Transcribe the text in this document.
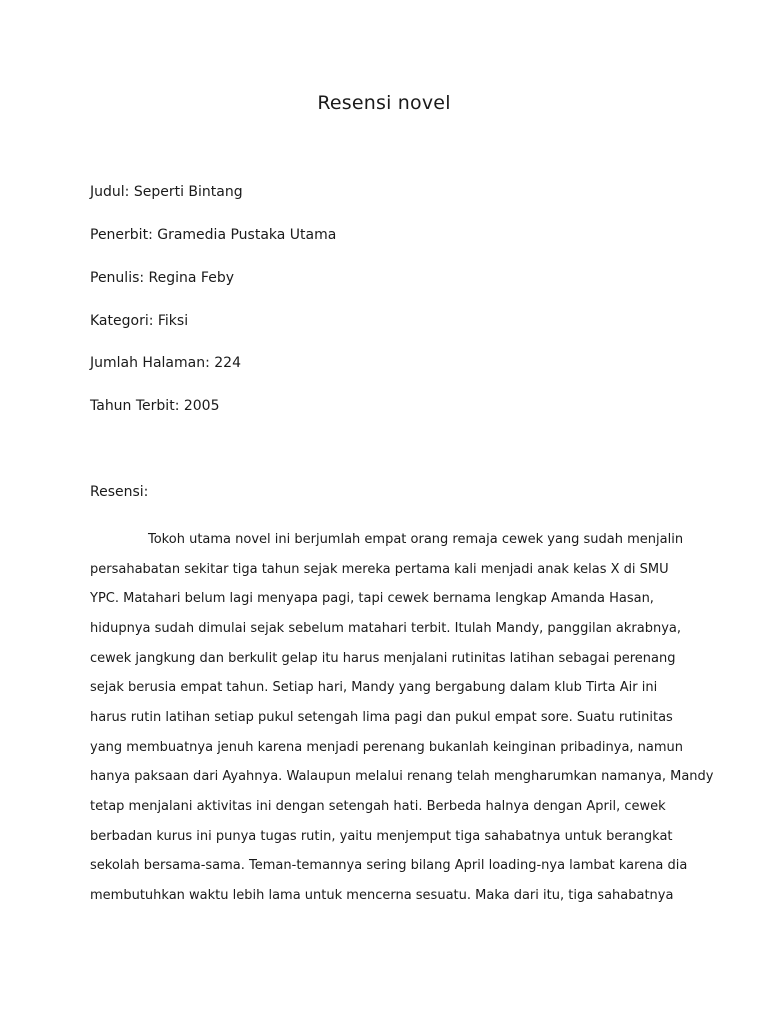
Resensi novel
Judul: Seperti Bintang
Penerbit: Gramedia Pustaka Utama
Penulis: Regina Feby
Kategori: Fiksi
Jumlah Halaman: 224
Tahun Terbit: 2005
Resensi:
Tokoh utama novel ini berjumlah empat orang remaja cewek yang sudah menjalin
persahabatan sekitar tiga tahun sejak mereka pertama kali menjadi anak kelas X di SMU
YPC. Matahari belum lagi menyapa pagi, tapi cewek bernama lengkap Amanda Hasan,
hidupnya sudah dimulai sejak sebelum matahari terbit. Itulah Mandy, panggilan akrabnya,
cewek jangkung dan berkulit gelap itu harus menjalani rutinitas latihan sebagai perenang
sejak berusia empat tahun. Setiap hari, Mandy yang bergabung dalam klub Tirta Air ini
harus rutin latihan setiap pukul setengah lima pagi dan pukul empat sore. Suatu rutinitas
yang membuatnya jenuh karena menjadi perenang bukanlah keinginan pribadinya, namun
hanya paksaan dari Ayahnya. Walaupun melalui renang telah mengharumkan namanya, Mandy
tetap menjalani aktivitas ini dengan setengah hati. Berbeda halnya dengan April, cewek
berbadan kurus ini punya tugas rutin, yaitu menjemput tiga sahabatnya untuk berangkat
sekolah bersama-sama. Teman-temannya sering bilang April loading-nya lambat karena dia
membutuhkan waktu lebih lama untuk mencerna sesuatu. Maka dari itu, tiga sahabatnya
